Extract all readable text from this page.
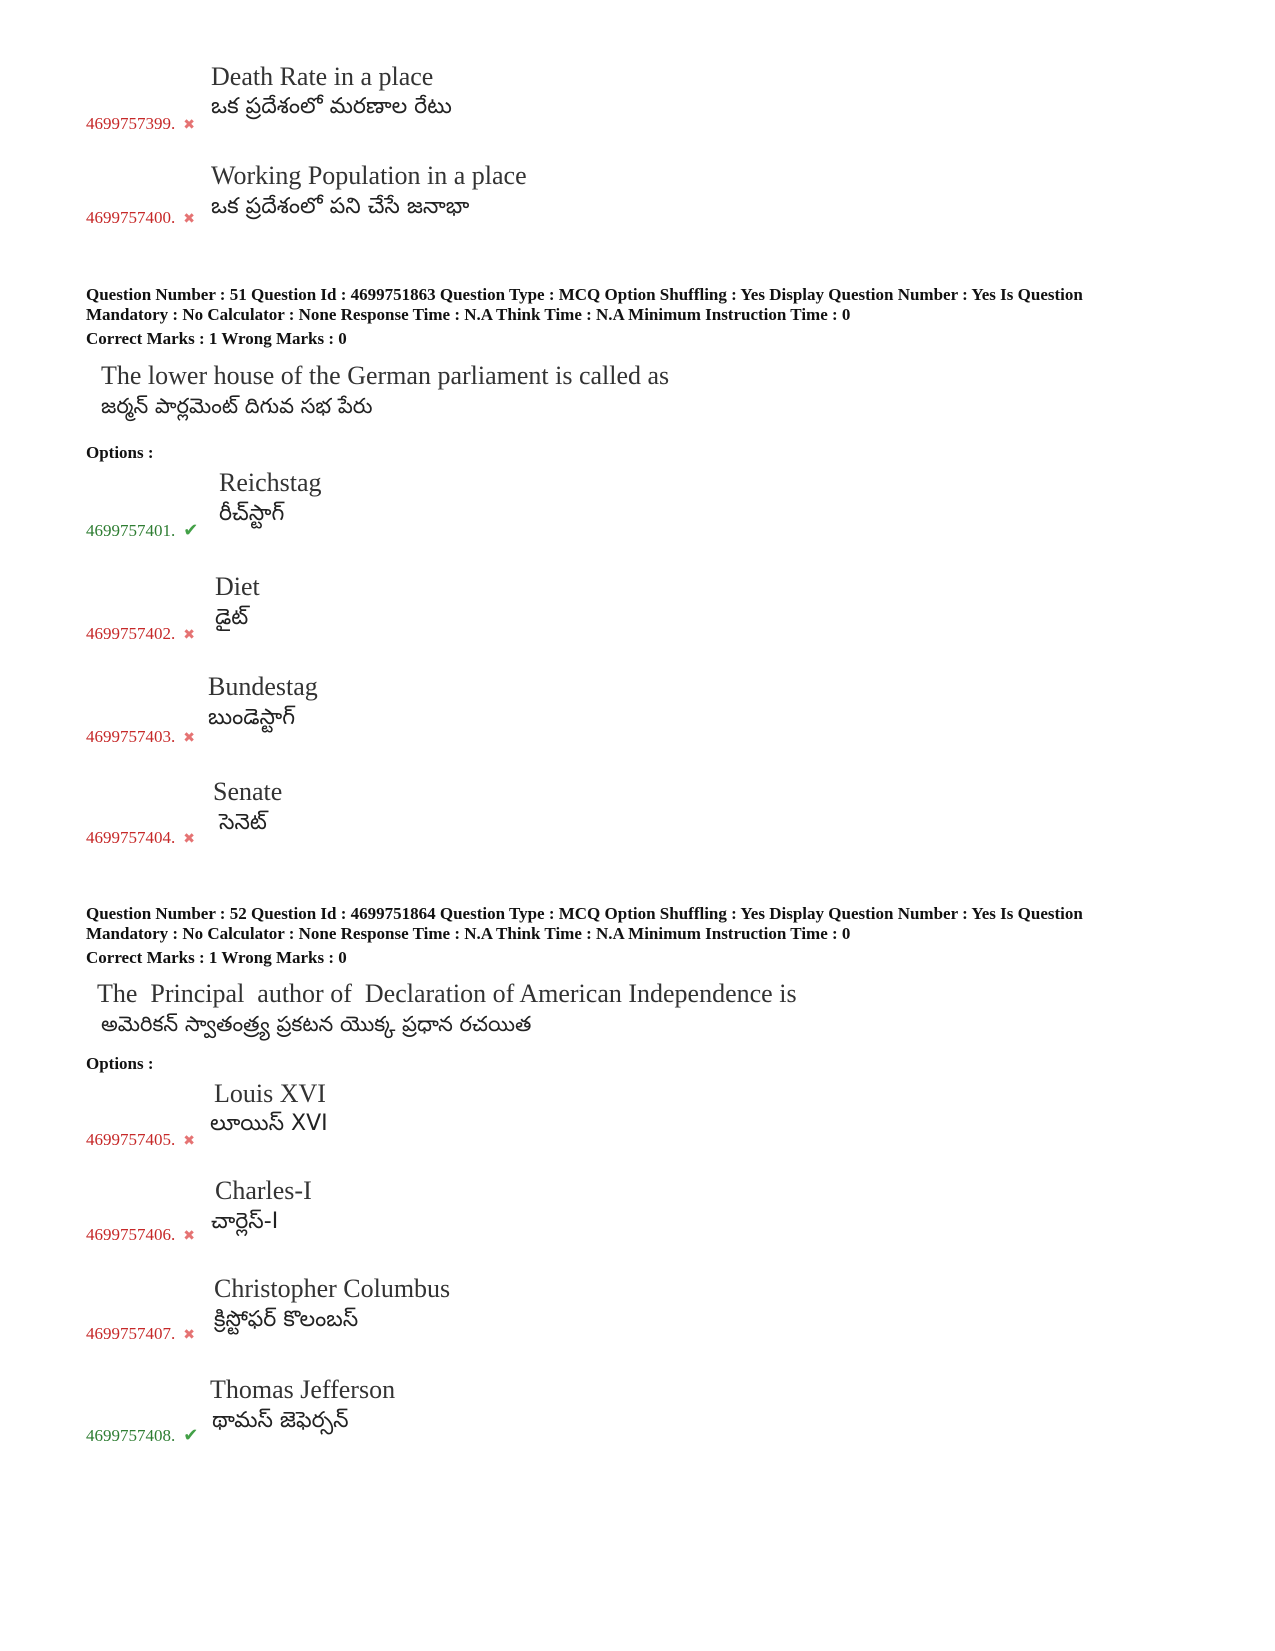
Death Rate in a place
ఒక ప్రదేశంలో మరణాల రేటు
4699757399. ✖
Working Population in a place
ఒక ప్రదేశంలో పని చేసే జనాభా
4699757400. ✖
Question Number : 51 Question Id : 4699751863 Question Type : MCQ Option Shuffling : Yes Display Question Number : Yes Is Question
Mandatory : No Calculator : None Response Time : N.A Think Time : N.A Minimum Instruction Time : 0
Correct Marks : 1 Wrong Marks : 0
The lower house of the German parliament is called as
జర్మన్ పార్లమెంట్ దిగువ సభ పేరు
Options :
Reichstag
రీచ్‌స్టాగ్
4699757401. ✔
Diet
డైట్
4699757402. ✖
Bundestag
బుండెస్టాగ్
4699757403. ✖
Senate
సెనెట్
4699757404. ✖
Question Number : 52 Question Id : 4699751864 Question Type : MCQ Option Shuffling : Yes Display Question Number : Yes Is Question
Mandatory : No Calculator : None Response Time : N.A Think Time : N.A Minimum Instruction Time : 0
Correct Marks : 1 Wrong Marks : 0
The  Principal  author of  Declaration of American Independence is
అమెరికన్ స్వాతంత్ర్య ప్రకటన యొక్క ప్రధాన రచయిత
Options :
Louis XVI
లూయిస్ XVI
4699757405. ✖
Charles-I
చార్లెస్-I
4699757406. ✖
Christopher Columbus
క్రిస్టోఫర్ కొలంబస్
4699757407. ✖
Thomas Jefferson
థామస్ జెఫెర్సన్
4699757408. ✔
